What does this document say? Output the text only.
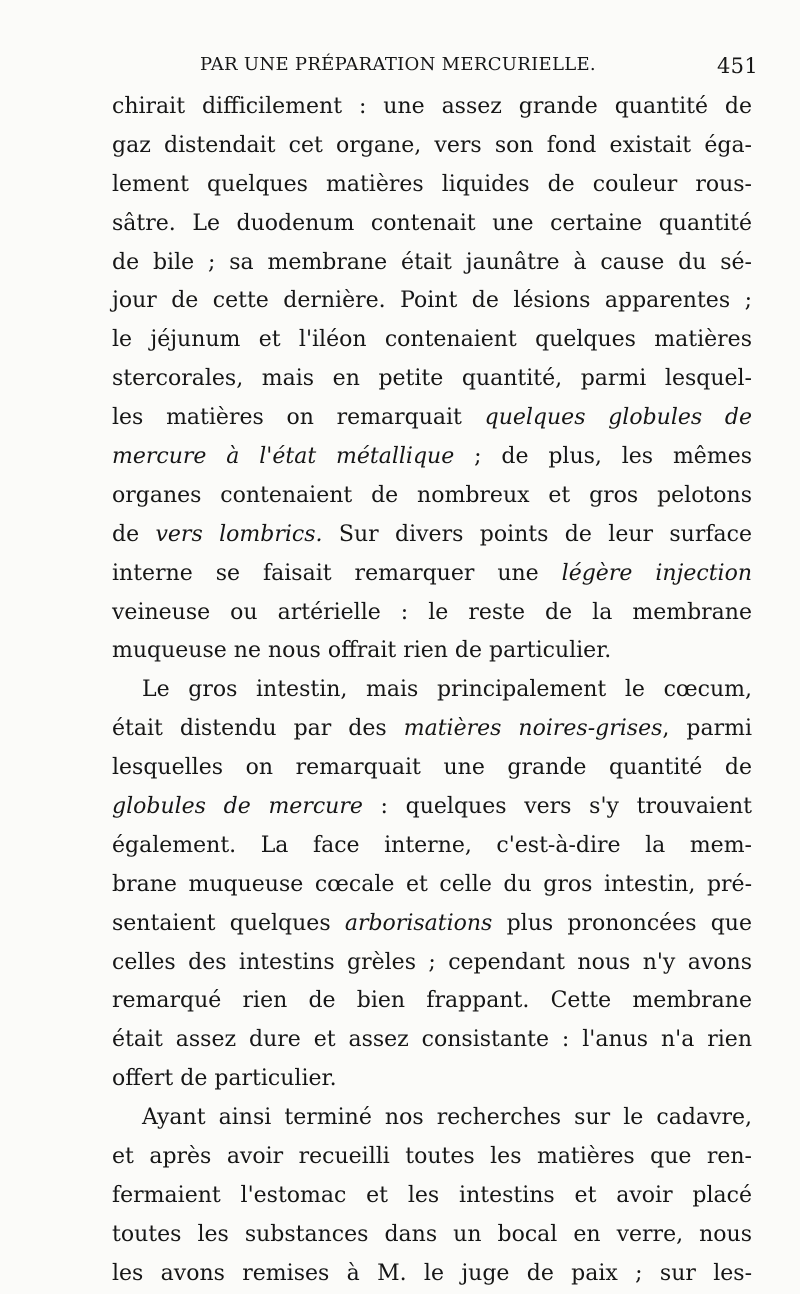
PAR UNE PRÉPARATION MERCURIELLE.	451
chirait difficilement : une assez grande quantité de
gaz distendait cet organe, vers son fond existait éga-
lement quelques matières liquides de couleur rous-
sâtre. Le duodenum contenait une certaine quantité
de bile ; sa membrane était jaunâtre à cause du sé-
jour de cette dernière. Point de lésions apparentes ;
le jéjunum et l'iléon contenaient quelques matières
stercorales, mais en petite quantité, parmi lesquel-
les matières on remarquait quelques globules de
mercure à l'état métallique ; de plus, les mêmes
organes contenaient de nombreux et gros pelotons
de vers lombrics. Sur divers points de leur surface
interne se faisait remarquer une légère injection
veineuse ou artérielle : le reste de la membrane
muqueuse ne nous offrait rien de particulier.
Le gros intestin, mais principalement le cœcum,
était distendu par des matières noires-grises, parmi
lesquelles on remarquait une grande quantité de
globules de mercure : quelques vers s'y trouvaient
également. La face interne, c'est-à-dire la mem-
brane muqueuse cœcale et celle du gros intestin, pré-
sentaient quelques arborisations plus prononcées que
celles des intestins grèles ; cependant nous n'y avons
remarqué rien de bien frappant. Cette membrane
était assez dure et assez consistante : l'anus n'a rien
offert de particulier.
Ayant ainsi terminé nos recherches sur le cadavre,
et après avoir recueilli toutes les matières que ren-
fermaient l'estomac et les intestins et avoir placé
toutes les substances dans un bocal en verre, nous
les avons remises à M. le juge de paix ; sur les-
